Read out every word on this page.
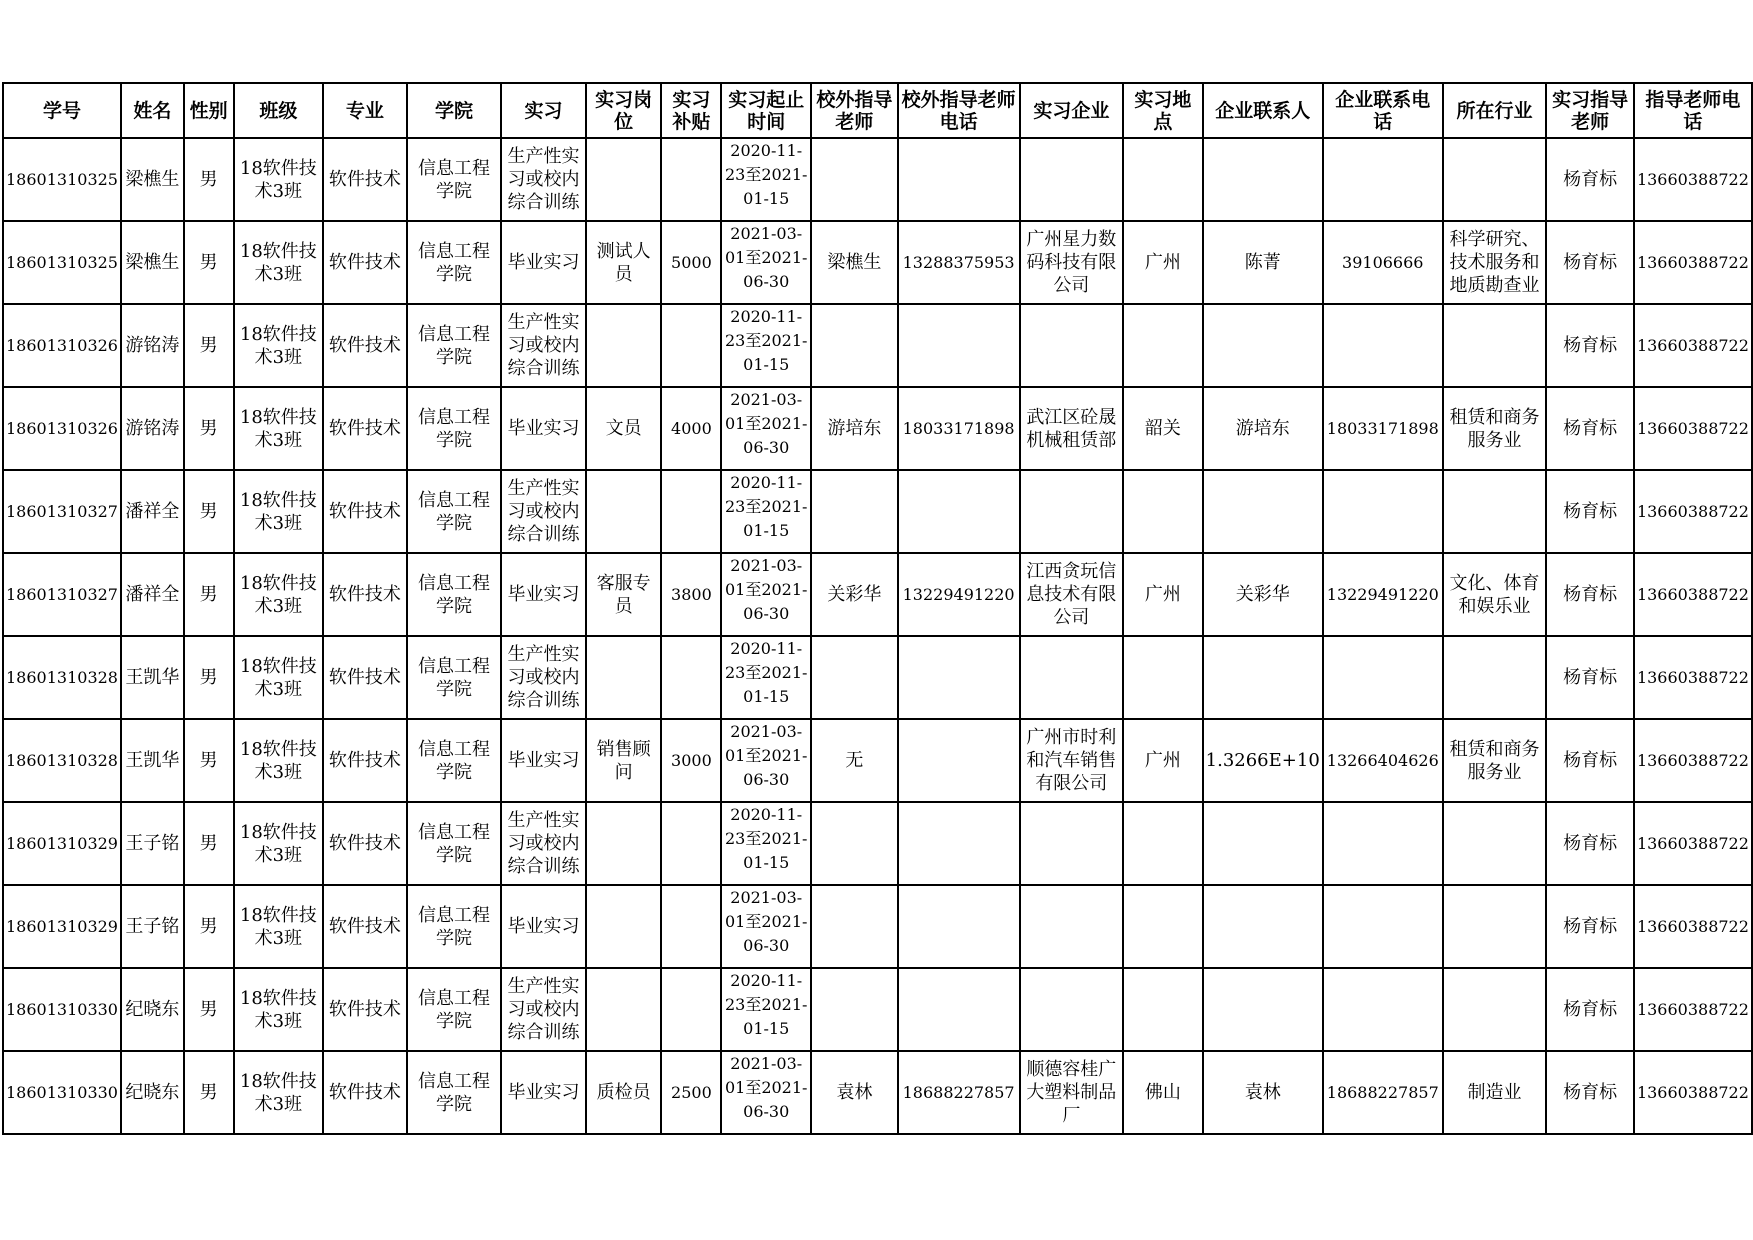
学号	姓名	性别	班级	专业	学院	实习	实习岗位	实习补贴	实习起止时间	校外指导老师	校外指导老师电话	实习企业	实习地点	企业联系人	企业联系电话	所在行业	实习指导老师	指导老师电话
18601310325	梁樵生	男	18软件技术3班	软件技术	信息工程学院	生产性实习或校内综合训练			2020-11-23至2021-01-15								杨育标	13660388722
18601310325	梁樵生	男	18软件技术3班	软件技术	信息工程学院	毕业实习	测试人员	5000	2021-03-01至2021-06-30	梁樵生	13288375953	广州星力数码科技有限公司	广州	陈菁	39106666	科学研究、技术服务和地质勘查业	杨育标	13660388722
18601310326	游铭涛	男	18软件技术3班	软件技术	信息工程学院	生产性实习或校内综合训练			2020-11-23至2021-01-15								杨育标	13660388722
18601310326	游铭涛	男	18软件技术3班	软件技术	信息工程学院	毕业实习	文员	4000	2021-03-01至2021-06-30	游培东	18033171898	武江区砼晟机械租赁部	韶关	游培东	18033171898	租赁和商务服务业	杨育标	13660388722
18601310327	潘祥全	男	18软件技术3班	软件技术	信息工程学院	生产性实习或校内综合训练			2020-11-23至2021-01-15								杨育标	13660388722
18601310327	潘祥全	男	18软件技术3班	软件技术	信息工程学院	毕业实习	客服专员	3800	2021-03-01至2021-06-30	关彩华	13229491220	江西贪玩信息技术有限公司	广州	关彩华	13229491220	文化、体育和娱乐业	杨育标	13660388722
18601310328	王凯华	男	18软件技术3班	软件技术	信息工程学院	生产性实习或校内综合训练			2020-11-23至2021-01-15								杨育标	13660388722
18601310328	王凯华	男	18软件技术3班	软件技术	信息工程学院	毕业实习	销售顾问	3000	2021-03-01至2021-06-30	无		广州市时利和汽车销售有限公司	广州	1.3266E+10	13266404626	租赁和商务服务业	杨育标	13660388722
18601310329	王子铭	男	18软件技术3班	软件技术	信息工程学院	生产性实习或校内综合训练			2020-11-23至2021-01-15								杨育标	13660388722
18601310329	王子铭	男	18软件技术3班	软件技术	信息工程学院	毕业实习			2021-03-01至2021-06-30								杨育标	13660388722
18601310330	纪晓东	男	18软件技术3班	软件技术	信息工程学院	生产性实习或校内综合训练			2020-11-23至2021-01-15								杨育标	13660388722
18601310330	纪晓东	男	18软件技术3班	软件技术	信息工程学院	毕业实习	质检员	2500	2021-03-01至2021-06-30	袁林	18688227857	顺德容桂广大塑料制品厂	佛山	袁林	18688227857	制造业	杨育标	13660388722
